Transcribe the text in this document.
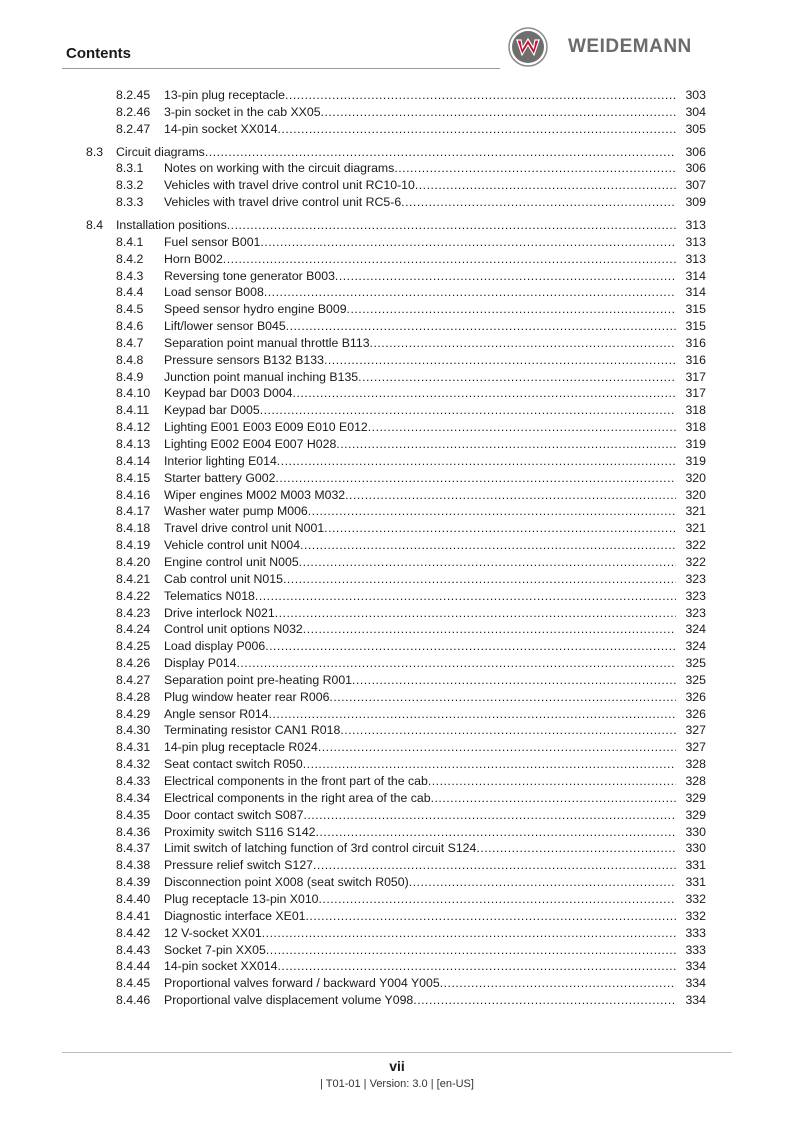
Contents	WEIDEMANN
8.2.45 13-pin plug receptacle .....	303
8.2.46 3-pin socket in the cab XX05 .....	304
8.2.47 14-pin socket XX014 .....	305
8.3 Circuit diagrams .....	306
8.3.1 Notes on working with the circuit diagrams .....	306
8.3.2 Vehicles with travel drive control unit RC10-10 .....	307
8.3.3 Vehicles with travel drive control unit RC5-6 .....	309
8.4 Installation positions .....	313
8.4.1 Fuel sensor B001 .....	313
8.4.2 Horn B002 .....	313
8.4.3 Reversing tone generator B003 .....	314
8.4.4 Load sensor B008 .....	314
8.4.5 Speed sensor hydro engine B009 .....	315
8.4.6 Lift/lower sensor B045 .....	315
8.4.7 Separation point manual throttle B113 .....	316
8.4.8 Pressure sensors B132 B133 .....	316
8.4.9 Junction point manual inching B135 .....	317
8.4.10 Keypad bar D003 D004 .....	317
8.4.11 Keypad bar D005 .....	318
8.4.12 Lighting E001 E003 E009 E010 E012 .....	318
8.4.13 Lighting E002 E004 E007 H028 .....	319
8.4.14 Interior lighting E014 .....	319
8.4.15 Starter battery G002 .....	320
8.4.16 Wiper engines M002 M003 M032 .....	320
8.4.17 Washer water pump M006 .....	321
8.4.18 Travel drive control unit N001 .....	321
8.4.19 Vehicle control unit N004 .....	322
8.4.20 Engine control unit N005 .....	322
8.4.21 Cab control unit N015 .....	323
8.4.22 Telematics N018 .....	323
8.4.23 Drive interlock N021 .....	323
8.4.24 Control unit options N032 .....	324
8.4.25 Load display P006 .....	324
8.4.26 Display P014 .....	325
8.4.27 Separation point pre-heating R001 .....	325
8.4.28 Plug window heater rear R006 .....	326
8.4.29 Angle sensor R014 .....	326
8.4.30 Terminating resistor CAN1 R018 .....	327
8.4.31 14-pin plug receptacle R024 .....	327
8.4.32 Seat contact switch R050 .....	328
8.4.33 Electrical components in the front part of the cab .....	328
8.4.34 Electrical components in the right area of the cab .....	329
8.4.35 Door contact switch S087 .....	329
8.4.36 Proximity switch S116 S142 .....	330
8.4.37 Limit switch of latching function of 3rd control circuit S124 .....	330
8.4.38 Pressure relief switch S127 .....	331
8.4.39 Disconnection point X008 (seat switch R050) .....	331
8.4.40 Plug receptacle 13-pin X010 .....	332
8.4.41 Diagnostic interface XE01 .....	332
8.4.42 12 V-socket XX01 .....	333
8.4.43 Socket 7-pin XX05 .....	333
8.4.44 14-pin socket XX014 .....	334
8.4.45 Proportional valves forward / backward Y004 Y005 .....	334
8.4.46 Proportional valve displacement volume Y098 .....	334
vii
| T01-01 | Version: 3.0 | [en-US]
